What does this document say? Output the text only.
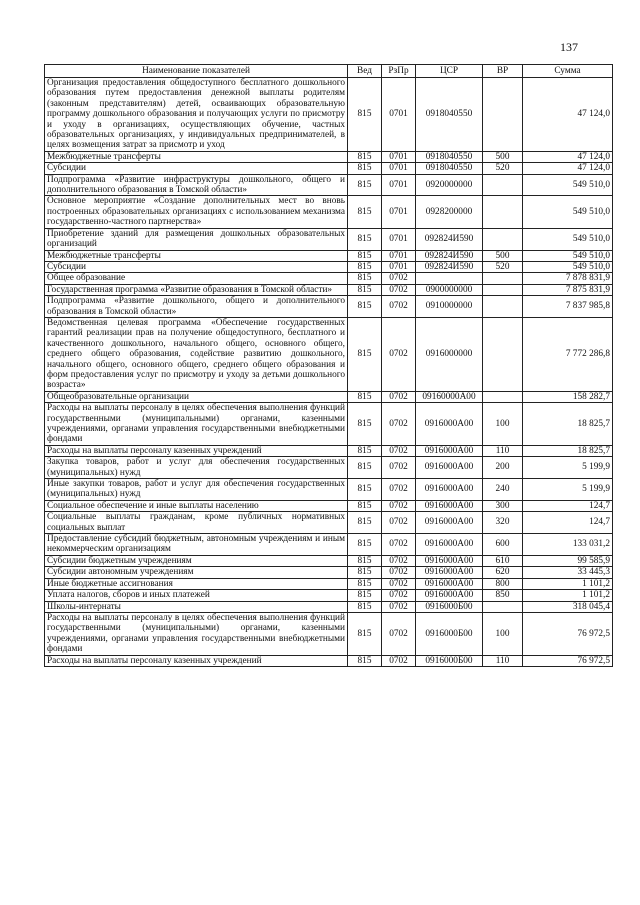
137
Наименование показателей	Вед	РзПр	ЦСР	ВР	Сумма
Организация предоставления общедоступного бесплатного дошкольного образования путем предоставления денежной выплаты родителям (законным представителям) детей, осваивающих образовательную программу дошкольного образования и получающих услуги по присмотру и уходу в организациях, осуществляющих обучение, частных образовательных организациях, у индивидуальных предпринимателей, в целях возмещения затрат за присмотр и уход	815	0701	0918040550		47 124,0
Межбюджетные трансферты	815	0701	0918040550	500	47 124,0
Субсидии	815	0701	0918040550	520	47 124,0
Подпрограмма «Развитие инфраструктуры дошкольного, общего и дополнительного образования в Томской области»	815	0701	0920000000		549 510,0
Основное мероприятие «Создание дополнительных мест во вновь построенных образовательных организациях с использованием механизма государственно-частного партнерства»	815	0701	0928200000		549 510,0
Приобретение зданий для размещения дошкольных образовательных организаций	815	0701	092824И590		549 510,0
Межбюджетные трансферты	815	0701	092824И590	500	549 510,0
Субсидии	815	0701	092824И590	520	549 510,0
Общее образование	815	0702			7 878 831,9
Государственная программа «Развитие образования в Томской области»	815	0702	0900000000		7 875 831,9
Подпрограмма «Развитие дошкольного, общего и дополнительного образования в Томской области»	815	0702	0910000000		7 837 985,8
Ведомственная целевая программа «Обеспечение государственных гарантий реализации прав на получение общедоступного, бесплатного и качественного дошкольного, начального общего, основного общего, среднего общего образования, содействие развитию дошкольного, начального общего, основного общего, среднего общего образования и форм предоставления услуг по присмотру и уходу за детьми дошкольного возраста»	815	0702	0916000000		7 772 286,8
Общеобразовательные организации	815	0702	09160000А00		158 282,7
Расходы на выплаты персоналу в целях обеспечения выполнения функций государственными (муниципальными) органами, казенными учреждениями, органами управления государственными внебюджетными фондами	815	0702	0916000А00	100	18 825,7
Расходы на выплаты персоналу казенных учреждений	815	0702	0916000А00	110	18 825,7
Закупка товаров, работ и услуг для обеспечения государственных (муниципальных) нужд	815	0702	0916000А00	200	5 199,9
Иные закупки товаров, работ и услуг для обеспечения государственных (муниципальных) нужд	815	0702	0916000А00	240	5 199,9
Социальное обеспечение и иные выплаты населению	815	0702	0916000А00	300	124,7
Социальные выплаты гражданам, кроме публичных нормативных социальных выплат	815	0702	0916000А00	320	124,7
Предоставление субсидий бюджетным, автономным учреждениям и иным некоммерческим организациям	815	0702	0916000А00	600	133 031,2
Субсидии бюджетным учреждениям	815	0702	0916000А00	610	99 585,9
Субсидии автономным учреждениям	815	0702	0916000А00	620	33 445,3
Иные бюджетные ассигнования	815	0702	0916000А00	800	1 101,2
Уплата налогов, сборов и иных платежей	815	0702	0916000А00	850	1 101,2
Школы-интернаты	815	0702	0916000Б00		318 045,4
Расходы на выплаты персоналу в целях обеспечения выполнения функций государственными (муниципальными) органами, казенными учреждениями, органами управления государственными внебюджетными фондами	815	0702	0916000Б00	100	76 972,5
Расходы на выплаты персоналу казенных учреждений	815	0702	0916000Б00	110	76 972,5
